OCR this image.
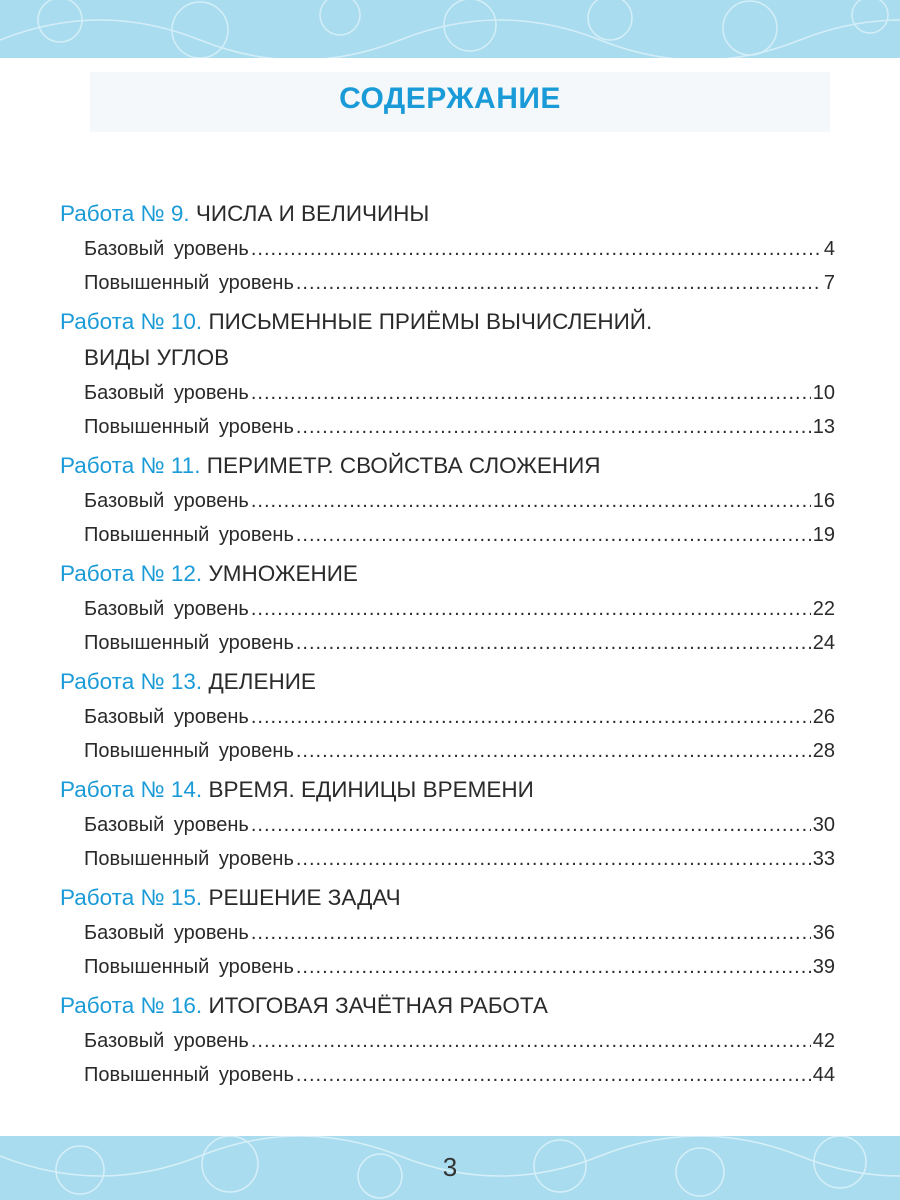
СОДЕРЖАНИЕ
Работа № 9. ЧИСЛА И ВЕЛИЧИНЫ
Базовый уровень .....	4
Повышенный уровень .....	7
Работа № 10. ПИСЬМЕННЫЕ ПРИЁМЫ ВЫЧИСЛЕНИЙ.
ВИДЫ УГЛОВ
Базовый уровень .....	10
Повышенный уровень .....	13
Работа № 11. ПЕРИМЕТР. СВОЙСТВА СЛОЖЕНИЯ
Базовый уровень .....	16
Повышенный уровень .....	19
Работа № 12. УМНОЖЕНИЕ
Базовый уровень .....	22
Повышенный уровень .....	24
Работа № 13. ДЕЛЕНИЕ
Базовый уровень .....	26
Повышенный уровень .....	28
Работа № 14. ВРЕМЯ. ЕДИНИЦЫ ВРЕМЕНИ
Базовый уровень .....	30
Повышенный уровень .....	33
Работа № 15. РЕШЕНИЕ ЗАДАЧ
Базовый уровень .....	36
Повышенный уровень .....	39
Работа № 16. ИТОГОВАЯ ЗАЧЁТНАЯ РАБОТА
Базовый уровень .....	42
Повышенный уровень .....	44
3
